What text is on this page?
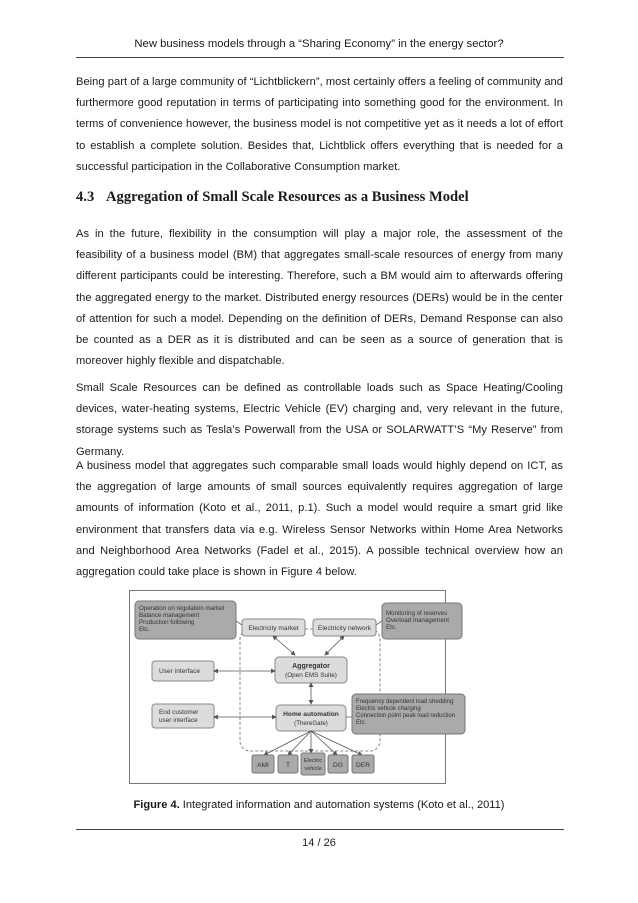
New business models through a “Sharing Economy” in the energy sector?

Being part of a large community of “Lichtblickern”, most certainly offers a feeling of community and furthermore good reputation in terms of participating into something good for the environment. In terms of convenience however, the business model is not competitive yet as it needs a lot of effort to establish a complete solution. Besides that, Lichtblick offers everything that is needed for a successful participation in the Collaborative Consumption market.

4.3 Aggregation of Small Scale Resources as a Business Model

As in the future, flexibility in the consumption will play a major role, the assessment of the feasibility of a business model (BM) that aggregates small-scale resources of energy from many different participants could be interesting. Therefore, such a BM would aim to afterwards offering the aggregated energy to the market. Distributed energy resources (DERs) would be in the center of attention for such a model. Depending on the definition of DERs, Demand Response can also be counted as a DER as it is distributed and can be seen as a source of generation that is moreover highly flexible and dispatchable.

Small Scale Resources can be defined as controllable loads such as Space Heating/Cooling devices, water-heating systems, Electric Vehicle (EV) charging and, very relevant in the future, storage systems such as Tesla’s Powerwall from the USA or SOLARWATT’S “My Reserve” from Germany.

A business model that aggregates such comparable small loads would highly depend on ICT, as the aggregation of large amounts of small sources equivalently requires aggregation of large amounts of information (Koto et al., 2011, p.1). Such a model would require a smart grid like environment that transfers data via e.g. Wireless Sensor Networks within Home Area Networks and Neighborhood Area Networks (Fadel et al., 2015). A possible technical overview how an aggregation could take place is shown in Figure 4 below.

Operation on regulation market
Balance management
Production following
Etc.	Electricity market	Electricity network
Monitoring of reserves
Overload management
Etc.
User interface
Aggregator
(Open EMS Suite)
End customer
user interface
Home automation
(ThereGate)
Frequency dependent load shedding
Electric vehicle charging
Connection point peak load reduction
Etc.
AMI	T
Electric
vehicle DG DER
Figure 4. Integrated information and automation systems (Koto et al., 2011)
14 / 26
